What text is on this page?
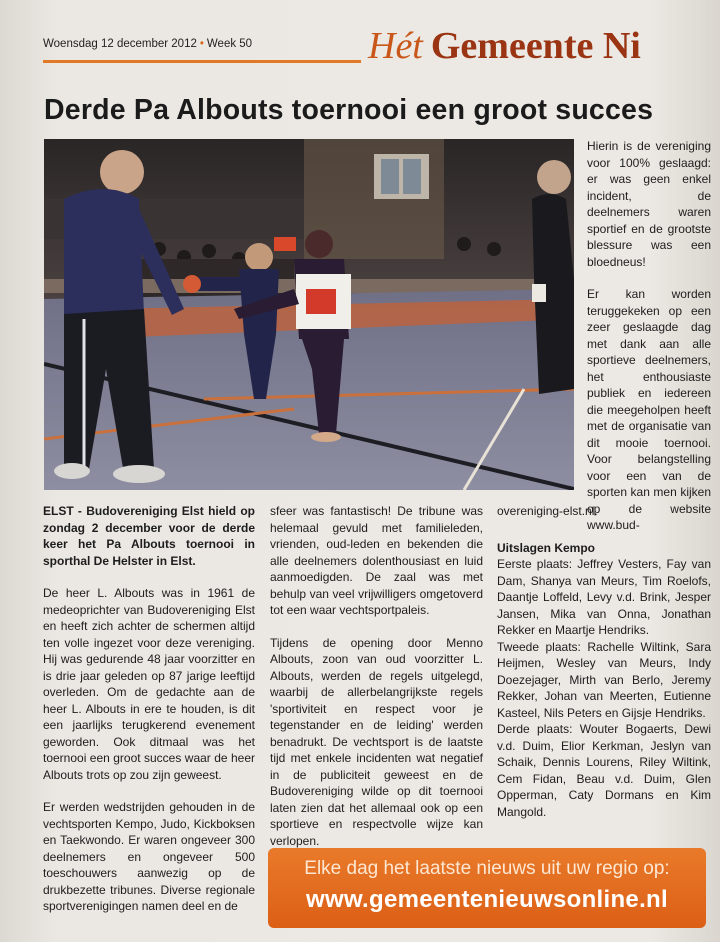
Woensdag 12 december 2012 • Week 50	Hét Gemeente Ni
Derde Pa Albouts toernooi een groot succes

Hierin is de vereniging voor 100% geslaagd: er was geen enkel incident, de deelnemers waren sportief en de grootste blessure was een bloedneus!

Er kan worden teruggekeken op een zeer geslaagde dag met dank aan alle sportieve deelnemers, het enthousiaste publiek en iedereen die meegeholpen heeft met de organisatie van dit mooie toernooi. Voor belangstelling voor een van de sporten kan men kijken op de website www.bud-

ELST - Budovereniging Elst hield op zondag 2 december voor de derde keer het Pa Albouts toernooi in sporthal De Helster in Elst.

De heer L. Albouts was in 1961 de medeoprichter van Budovereniging Elst en heeft zich achter de schermen altijd ten volle ingezet voor deze vereniging. Hij was gedurende 48 jaar voorzitter en is drie jaar geleden op 87 jarige leeftijd overleden. Om de gedachte aan de heer L. Albouts in ere te houden, is dit een jaarlijks terugkerend evenement geworden. Ook ditmaal was het toernooi een groot succes waar de heer Albouts trots op zou zijn geweest.

Er werden wedstrijden gehouden in de vechtsporten Kempo, Judo, Kickboksen en Taekwondo. Er waren ongeveer 300 deelnemers en ongeveer 500 toeschouwers aanwezig op de drukbezette tribunes. Diverse regionale sportverenigingen namen deel en de

sfeer was fantastisch! De tribune was helemaal gevuld met familieleden, vrienden, oud-leden en bekenden die alle deelnemers dolenthousiast en luid aanmoedigden. De zaal was met behulp van veel vrijwilligers omgetoverd tot een waar vechtsportpaleis.

Tijdens de opening door Menno Albouts, zoon van oud voorzitter L. Albouts, werden de regels uitgelegd, waarbij de allerbelangrijkste regels 'sportiviteit en respect voor je tegenstander en de leiding' werden benadrukt. De vechtsport is de laatste tijd met enkele incidenten wat negatief in de publiciteit geweest en de Budovereniging wilde op dit toernooi laten zien dat het allemaal ook op een sportieve en respectvolle wijze kan verlopen.

overeniging-elst.nl.

Uitslagen Kempo
Eerste plaats: Jeffrey Vesters, Fay van Dam, Shanya van Meurs, Tim Roelofs, Daantje Loffeld, Levy v.d. Brink, Jesper Jansen, Mika van Onna, Jonathan Rekker en Maartje Hendriks.
Tweede plaats: Rachelle Wiltink, Sara Heijmen, Wesley van Meurs, Indy Doezejager, Mirth van Berlo, Jeremy Rekker, Johan van Meerten, Eutienne Kasteel, Nils Peters en Gijsje Hendriks.
Derde plaats: Wouter Bogaerts, Dewi v.d. Duim, Elior Kerkman, Jeslyn van Schaik, Dennis Lourens, Riley Wiltink, Cem Fidan, Beau v.d. Duim, Glen Opperman, Caty Dormans en Kim Mangold.
Elke dag het laatste nieuws uit uw regio op:
www.gemeentenieuwsonline.nl
